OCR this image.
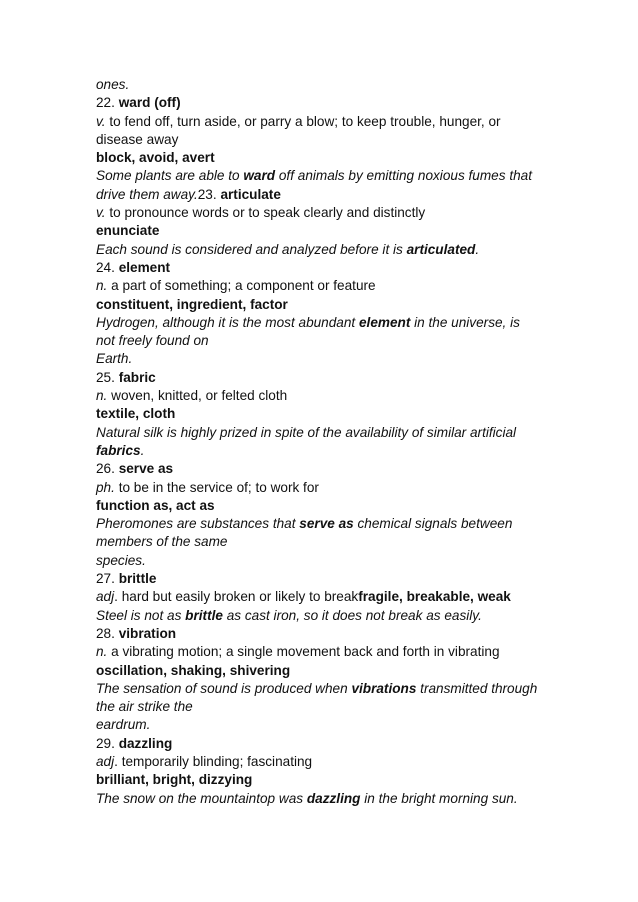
ones.
22. ward (off)
v. to fend off, turn aside, or parry a blow; to keep trouble, hunger, or
disease away
block, avoid, avert
Some plants are able to ward off animals by emitting noxious fumes that
drive them away.23. articulate
v. to pronounce words or to speak clearly and distinctly
enunciate
Each sound is considered and analyzed before it is articulated.
24. element
n. a part of something; a component or feature
constituent, ingredient, factor
Hydrogen, although it is the most abundant element in the universe, is
not freely found on
Earth.
25. fabric
n. woven, knitted, or felted cloth
textile, cloth
Natural silk is highly prized in spite of the availability of similar artificial
fabrics.
26. serve as
ph. to be in the service of; to work for
function as, act as
Pheromones are substances that serve as chemical signals between
members of the same
species.
27. brittle
adj. hard but easily broken or likely to breakfragile, breakable, weak
Steel is not as brittle as cast iron, so it does not break as easily.
28. vibration
n. a vibrating motion; a single movement back and forth in vibrating
oscillation, shaking, shivering
The sensation of sound is produced when vibrations transmitted through
the air strike the
eardrum.
29. dazzling
adj. temporarily blinding; fascinating
brilliant, bright, dizzying
The snow on the mountaintop was dazzling in the bright morning sun.
